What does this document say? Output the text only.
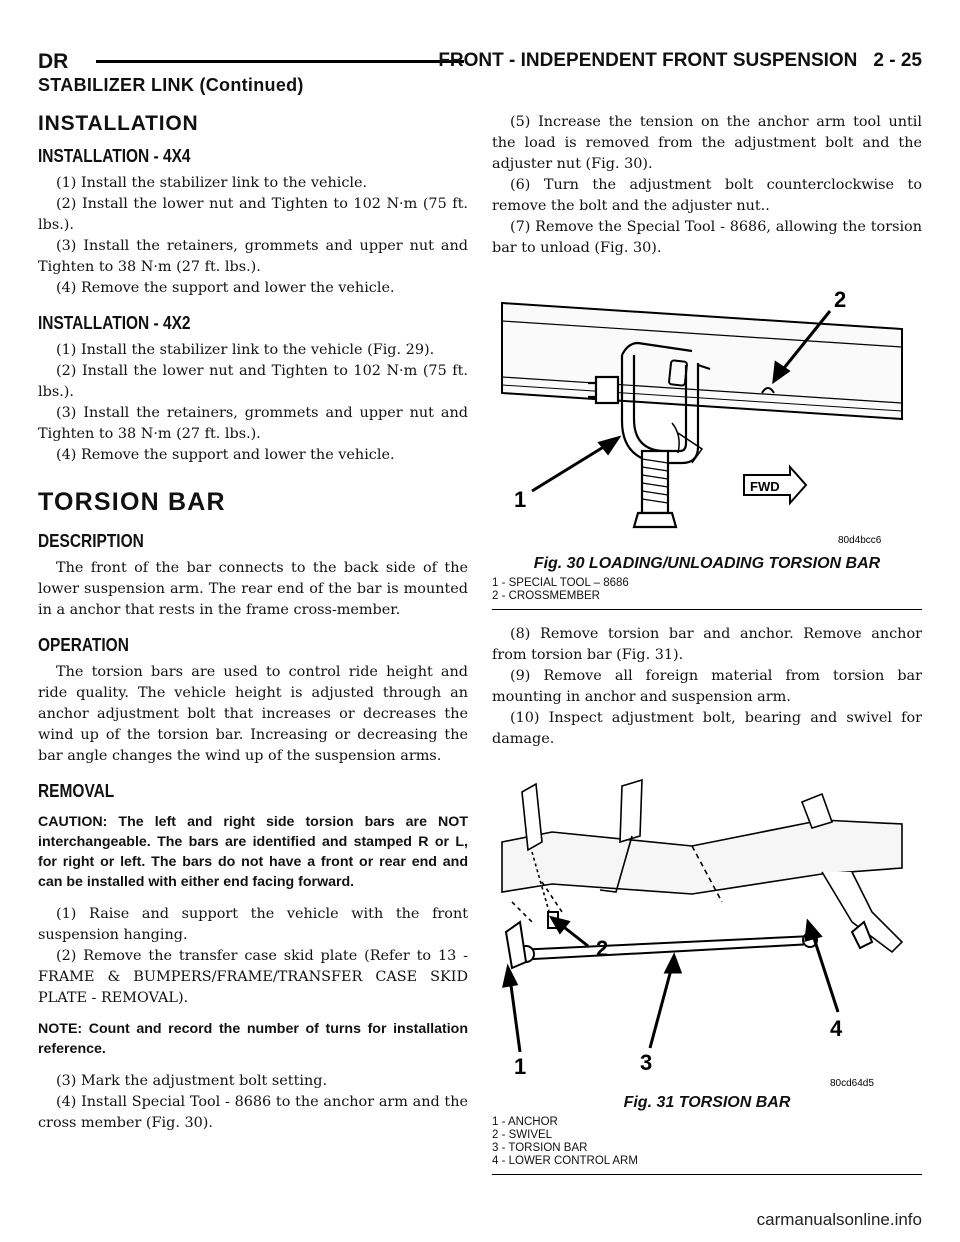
DR	FRONT - INDEPENDENT FRONT SUSPENSION 2 - 25
STABILIZER LINK (Continued)
INSTALLATION
INSTALLATION - 4X4

(1) Install the stabilizer link to the vehicle.

(2) Install the lower nut and Tighten to 102 N·m (75 ft. lbs.).

(3) Install the retainers, grommets and upper nut and Tighten to 38 N·m (27 ft. lbs.).

(4) Remove the support and lower the vehicle.

INSTALLATION - 4X2

(1) Install the stabilizer link to the vehicle (Fig. 29).

(2) Install the lower nut and Tighten to 102 N·m (75 ft. lbs.).

(3) Install the retainers, grommets and upper nut and Tighten to 38 N·m (27 ft. lbs.).

(4) Remove the support and lower the vehicle.

TORSION BAR
DESCRIPTION

The front of the bar connects to the back side of the lower suspension arm. The rear end of the bar is mounted in a anchor that rests in the frame cross-member.

OPERATION

The torsion bars are used to control ride height and ride quality. The vehicle height is adjusted through an anchor adjustment bolt that increases or decreases the wind up of the torsion bar. Increasing or decreasing the bar angle changes the wind up of the suspension arms.

REMOVAL
CAUTION: The left and right side torsion bars are NOT interchangeable. The bars are identified and stamped R or L, for right or left. The bars do not have a front or rear end and can be installed with either end facing forward.

(1) Raise and support the vehicle with the front suspension hanging.

(2) Remove the transfer case skid plate (Refer to 13 - FRAME & BUMPERS/FRAME/TRANSFER CASE SKID PLATE - REMOVAL).

NOTE: Count and record the number of turns for installation reference.

(3) Mark the adjustment bolt setting.

(4) Install Special Tool - 8686 to the anchor arm and the cross member (Fig. 30).

(5) Increase the tension on the anchor arm tool until the load is removed from the adjustment bolt and the adjuster nut (Fig. 30).

(6) Turn the adjustment bolt counterclockwise to remove the bolt and the adjuster nut..

(7) Remove the Special Tool - 8686, allowing the torsion bar to unload (Fig. 30).

FWD
1
2
80d4bcc6
Fig. 30 LOADING/UNLOADING TORSION BAR
1 - SPECIAL TOOL – 8686
2 - CROSSMEMBER

(8) Remove torsion bar and anchor. Remove anchor from torsion bar (Fig. 31).

(9) Remove all foreign material from torsion bar mounting in anchor and suspension arm.

(10) Inspect adjustment bolt, bearing and swivel for damage.

1
2
3
4
80cd64d5
Fig. 31 TORSION BAR
1 - ANCHOR
2 - SWIVEL
3 - TORSION BAR
4 - LOWER CONTROL ARM
carmanualsonline.info
